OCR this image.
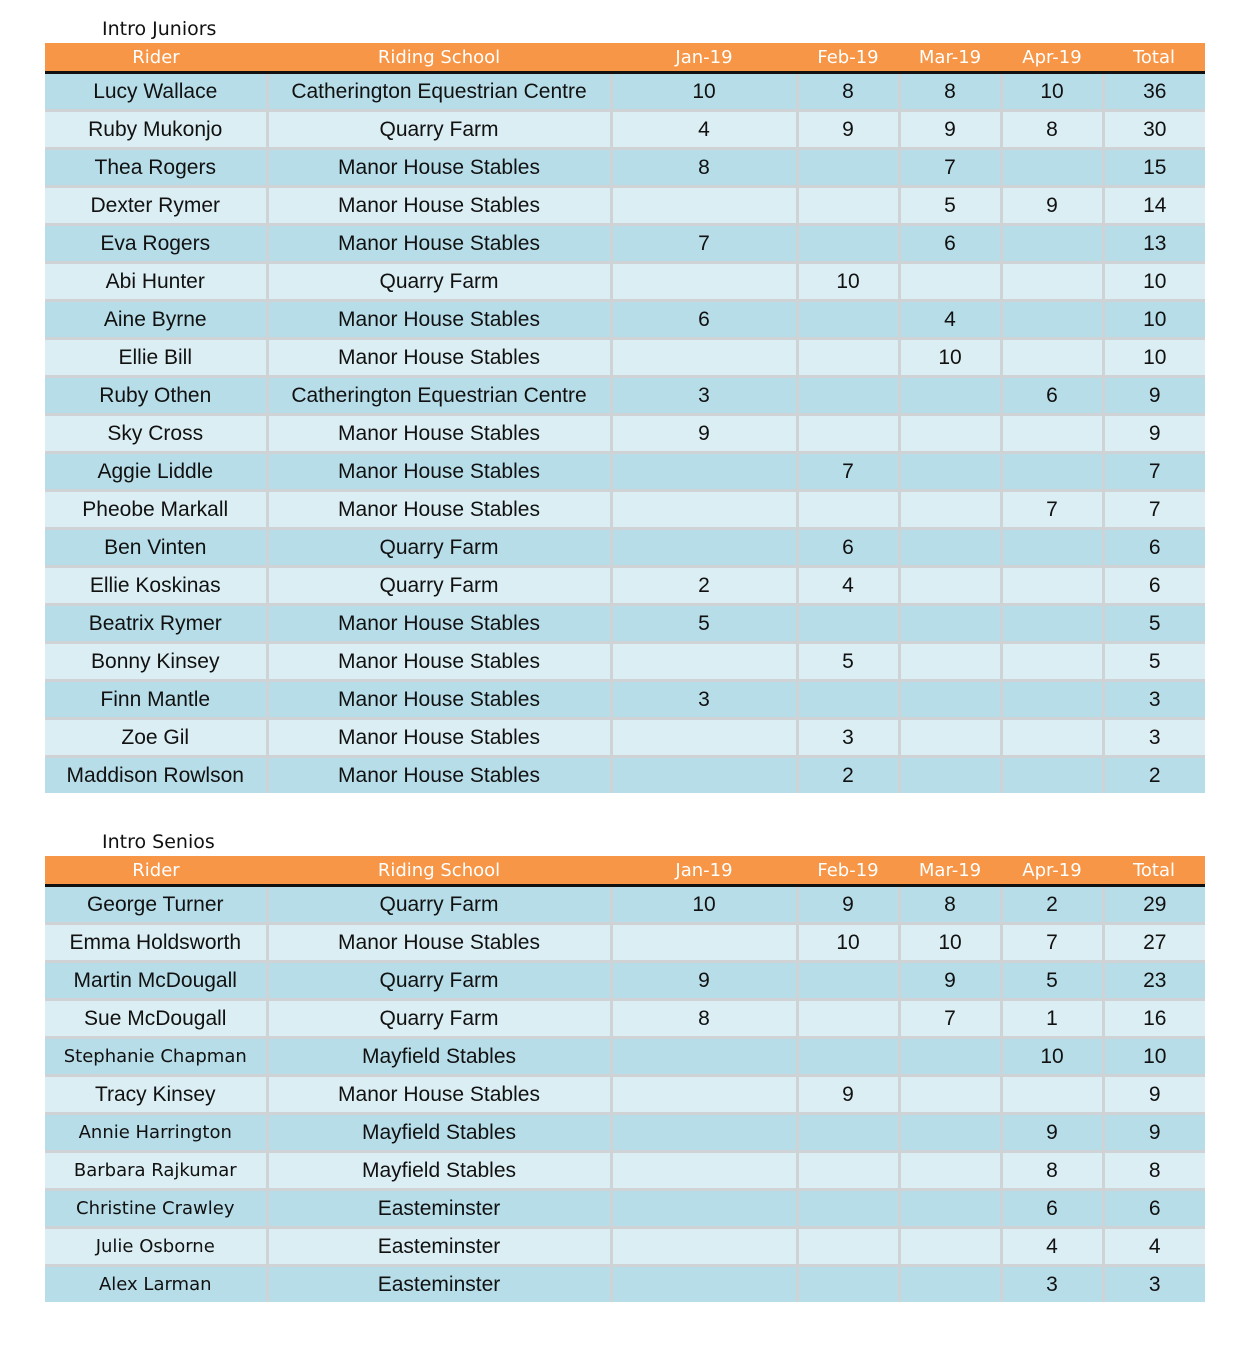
Intro Juniors
Rider	Riding School	Jan-19	Feb-19	Mar-19	Apr-19	Total
Lucy Wallace	Catherington Equestrian Centre	10	8	8	10	36
Ruby Mukonjo	Quarry Farm	4	9	9	8	30
Thea Rogers	Manor House Stables	8		7		15
Dexter Rymer	Manor House Stables			5	9	14
Eva Rogers	Manor House Stables	7		6		13
Abi Hunter	Quarry Farm		10			10
Aine Byrne	Manor House Stables	6		4		10
Ellie Bill	Manor House Stables			10		10
Ruby Othen	Catherington Equestrian Centre	3			6	9
Sky Cross	Manor House Stables	9				9
Aggie Liddle	Manor House Stables		7			7
Pheobe Markall	Manor House Stables				7	7
Ben Vinten	Quarry Farm		6			6
Ellie Koskinas	Quarry Farm	2	4			6
Beatrix Rymer	Manor House Stables	5				5
Bonny Kinsey	Manor House Stables		5			5
Finn Mantle	Manor House Stables	3				3
Zoe Gil	Manor House Stables		3			3
Maddison Rowlson	Manor House Stables		2			2
Intro Senios
Rider	Riding School	Jan-19	Feb-19	Mar-19	Apr-19	Total
George Turner	Quarry Farm	10	9	8	2	29
Emma Holdsworth	Manor House Stables		10	10	7	27
Martin McDougall	Quarry Farm	9		9	5	23
Sue McDougall	Quarry Farm	8		7	1	16
Stephanie Chapman	Mayfield Stables				10	10
Tracy Kinsey	Manor House Stables		9			9
Annie Harrington	Mayfield Stables				9	9
Barbara Rajkumar	Mayfield Stables				8	8
Christine Crawley	Easteminster				6	6
Julie Osborne	Easteminster				4	4
Alex Larman	Easteminster				3	3
